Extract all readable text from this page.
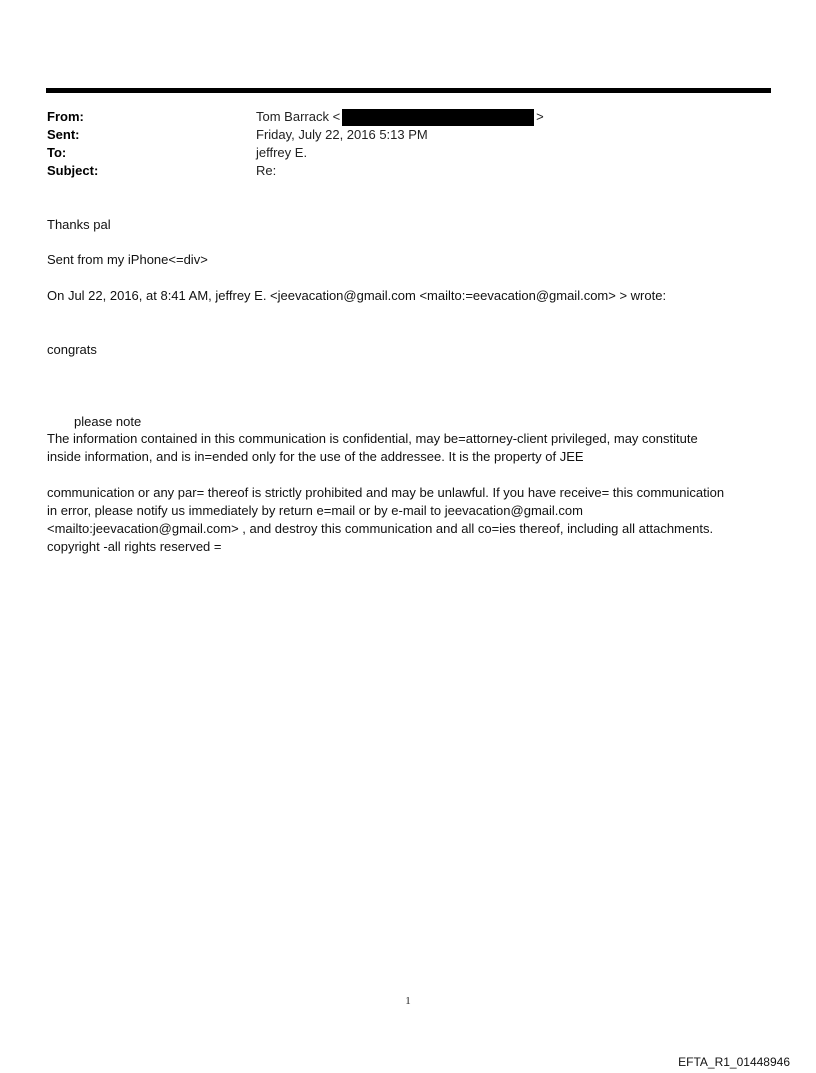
From:	Tom Barrack <	>
Sent:	Friday, July 22, 2016 5:13 PM
To:	jeffrey E.
Subject:	Re:
Thanks pal
Sent from my iPhone<=div>
On Jul 22, 2016, at 8:41 AM, jeffrey E. <jeevacation@gmail.com <mailto:=eevacation@gmail.com> > wrote:
congrats
please note
The information contained in this communication is confidential, may be=attorney-client privileged, may constitute
inside information, and is in=ended only for the use of the addressee. It is the property of JEE
communication or any par= thereof is strictly prohibited and may be unlawful. If you have receive= this communication
in error, please notify us immediately by return e=mail or by e-mail to jeevacation@gmail.com
<mailto:jeevacation@gmail.com> , and destroy this communication and all co=ies thereof, including all attachments.
copyright -all rights reserved =
1
EFTA_R1_01448946
